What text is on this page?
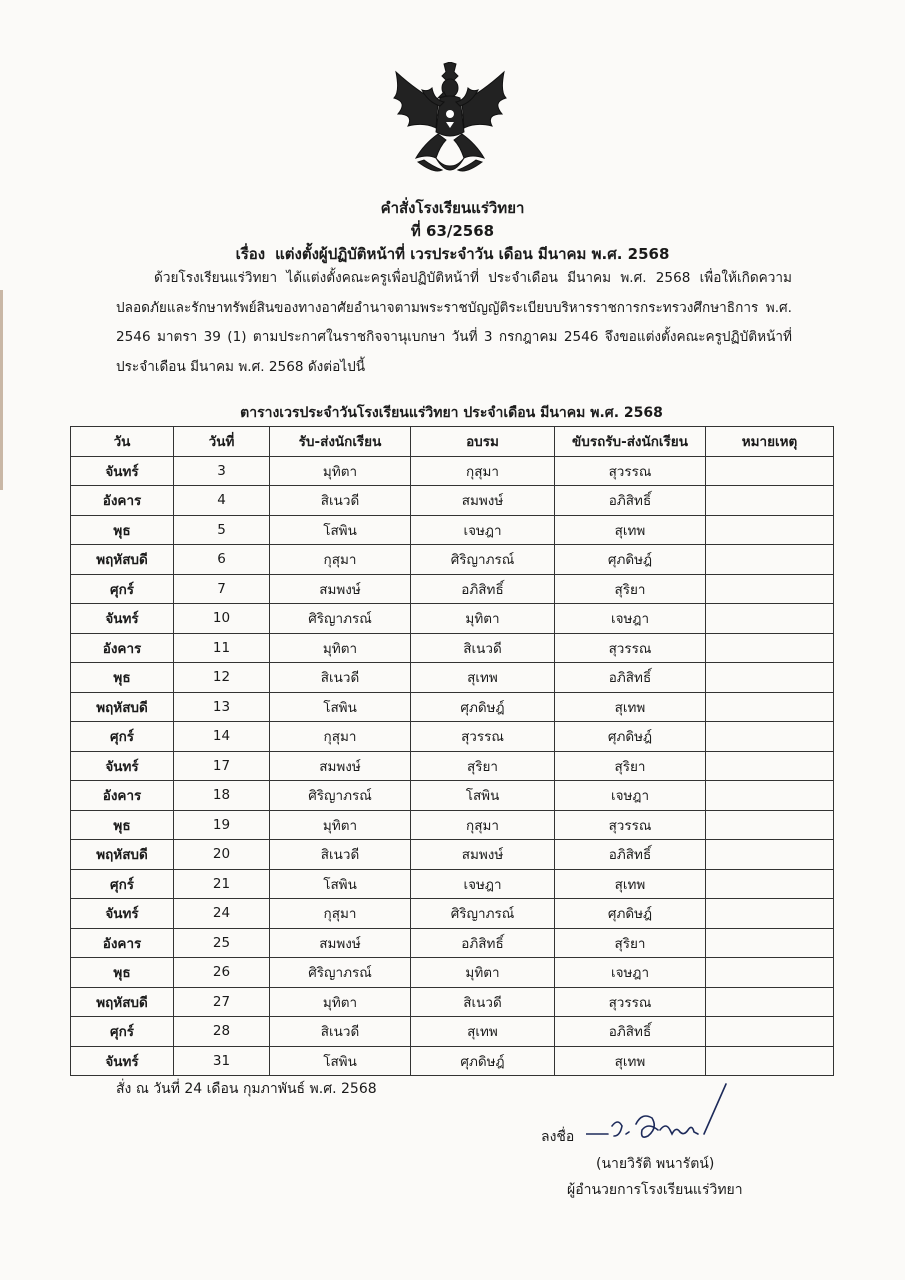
คำสั่งโรงเรียนแร่วิทยา
ที่ 63/2568
เรื่อง แต่งตั้งผู้ปฏิบัติหน้าที่ เวรประจำวัน เดือน มีนาคม พ.ศ. 2568
ด้วยโรงเรียนแร่วิทยา ได้แต่งตั้งคณะครูเพื่อปฏิบัติหน้าที่ ประจำเดือน มีนาคม พ.ศ. 2568 เพื่อให้เกิดความปลอดภัยและรักษาทรัพย์สินของทางอาศัยอำนาจตามพระราชบัญญัติระเบียบบริหารราชการกระทรวงศึกษาธิการ พ.ศ. 2546 มาตรา 39 (1) ตามประกาศในราชกิจจานุเบกษา วันที่ 3 กรกฎาคม 2546 จึงขอแต่งตั้งคณะครูปฏิบัติหน้าที่ประจำเดือน มีนาคม พ.ศ. 2568 ดังต่อไปนี้
ตารางเวรประจำวันโรงเรียนแร่วิทยา ประจำเดือน มีนาคม พ.ศ. 2568
วัน	วันที่	รับ-ส่งนักเรียน	อบรม	ขับรถรับ-ส่งนักเรียน	หมายเหตุ
จันทร์	3	มุทิตา	กุสุมา	สุวรรณ	
อังคาร	4	สิเนวดี	สมพงษ์	อภิสิทธิ์	
พุธ	5	โสพิน	เจษฎา	สุเทพ	
พฤหัสบดี	6	กุสุมา	ศิริญาภรณ์	ศุภดิษฎ์	
ศุกร์	7	สมพงษ์	อภิสิทธิ์	สุริยา	
จันทร์	10	ศิริญาภรณ์	มุทิตา	เจษฎา	
อังคาร	11	มุทิตา	สิเนวดี	สุวรรณ	
พุธ	12	สิเนวดี	สุเทพ	อภิสิทธิ์	
พฤหัสบดี	13	โสพิน	ศุภดิษฎ์	สุเทพ	
ศุกร์	14	กุสุมา	สุวรรณ	ศุภดิษฎ์	
จันทร์	17	สมพงษ์	สุริยา	สุริยา	
อังคาร	18	ศิริญาภรณ์	โสพิน	เจษฎา	
พุธ	19	มุทิตา	กุสุมา	สุวรรณ	
พฤหัสบดี	20	สิเนวดี	สมพงษ์	อภิสิทธิ์	
ศุกร์	21	โสพิน	เจษฎา	สุเทพ	
จันทร์	24	กุสุมา	ศิริญาภรณ์	ศุภดิษฎ์	
อังคาร	25	สมพงษ์	อภิสิทธิ์	สุริยา	
พุธ	26	ศิริญาภรณ์	มุทิตา	เจษฎา	
พฤหัสบดี	27	มุทิตา	สิเนวดี	สุวรรณ	
ศุกร์	28	สิเนวดี	สุเทพ	อภิสิทธิ์	
จันทร์	31	โสพิน	ศุภดิษฎ์	สุเทพ	
สั่ง ณ วันที่ 24 เดือน กุมภาพันธ์ พ.ศ. 2568
ลงชื่อ
(นายวิรัติ พนารัตน์)
ผู้อำนวยการโรงเรียนแร่วิทยา
